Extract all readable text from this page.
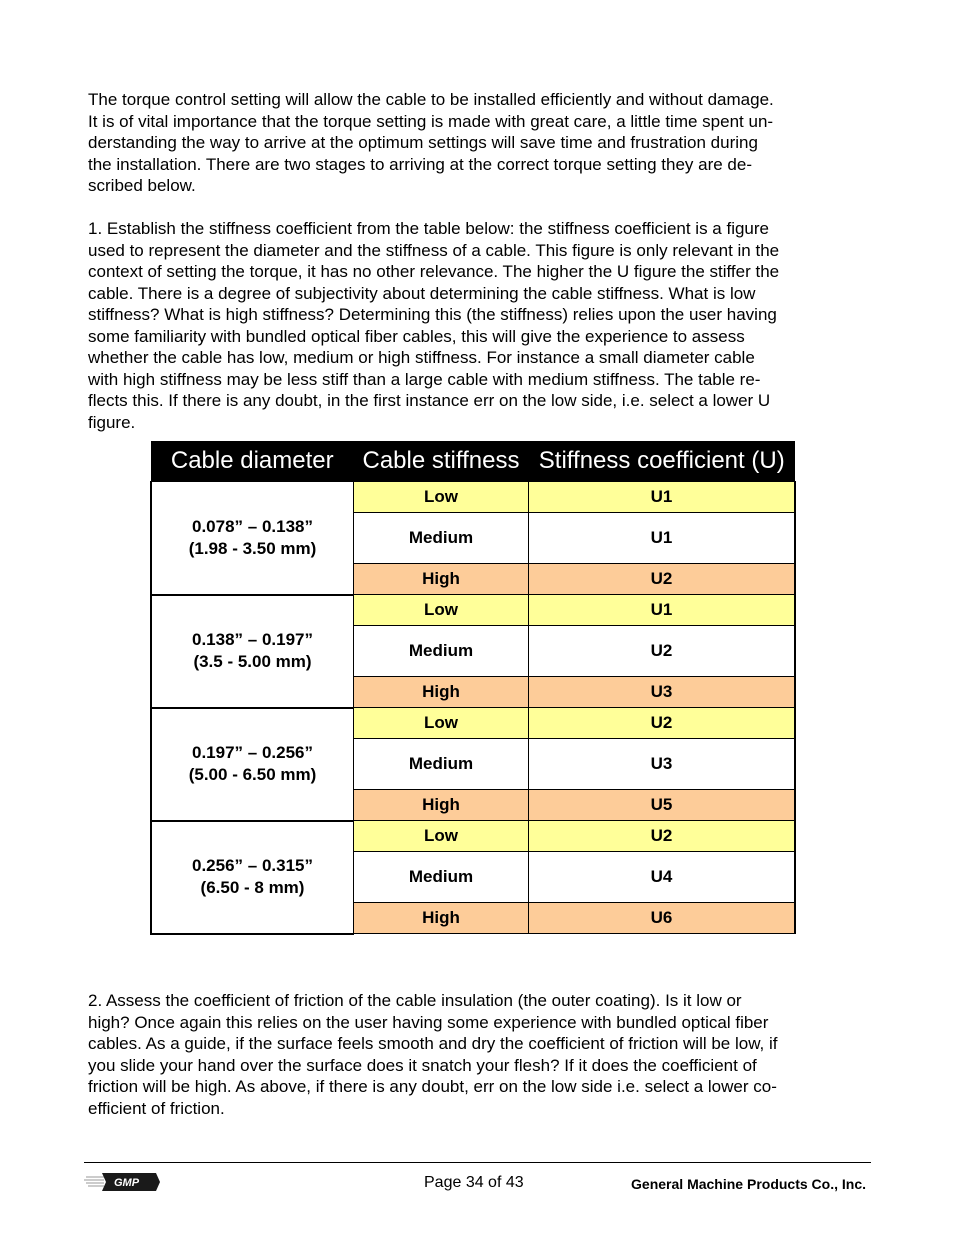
The torque control setting will allow the cable to be installed efficiently and without damage.
It is of vital importance that the torque setting is made with great care, a little time spent un-
derstanding the way to arrive at the optimum settings will save time and frustration during
the installation. There are two stages to arriving at the correct torque setting they are de-
scribed below.
1. Establish the stiffness coefficient from the table below: the stiffness coefficient is a figure
used to represent the diameter and the stiffness of a cable. This figure is only relevant in the
context of setting the torque, it has no other relevance. The higher the U figure the stiffer the
cable. There is a degree of subjectivity about determining the cable stiffness. What is low
stiffness? What is high stiffness? Determining this (the stiffness) relies upon the user having
some familiarity with bundled optical fiber cables, this will give the experience to assess
whether the cable has low, medium or high stiffness. For instance a small diameter cable
with high stiffness may be less stiff than a large cable with medium stiffness. The table re-
flects this. If there is any doubt, in the first instance err on the low side, i.e. select a lower U
figure.
Cable diameter	Cable stiffness	Stiffness coefficient (U)

0.078” – 0.138”
(1.98 - 3.50 mm)	Low	U1
	Medium	U1
	High	U2

0.138” – 0.197”
(3.5 - 5.00 mm)	Low	U1
	Medium	U2
	High	U3

0.197” – 0.256”
(5.00 - 6.50 mm)	Low	U2
	Medium	U3
	High	U5

0.256” – 0.315”
(6.50 - 8 mm)	Low	U2
	Medium	U4
	High	U6
2. Assess the coefficient of friction of the cable insulation (the outer coating). Is it low or
high? Once again this relies on the user having some experience with bundled optical fiber
cables. As a guide, if the surface feels smooth and dry the coefficient of friction will be low, if
you slide your hand over the surface does it snatch your flesh? If it does the coefficient of
friction will be high. As above, if there is any doubt, err on the low side i.e. select a lower co-
efficient of friction.
GMP	Page 34 of 43	General Machine Products Co., Inc.
